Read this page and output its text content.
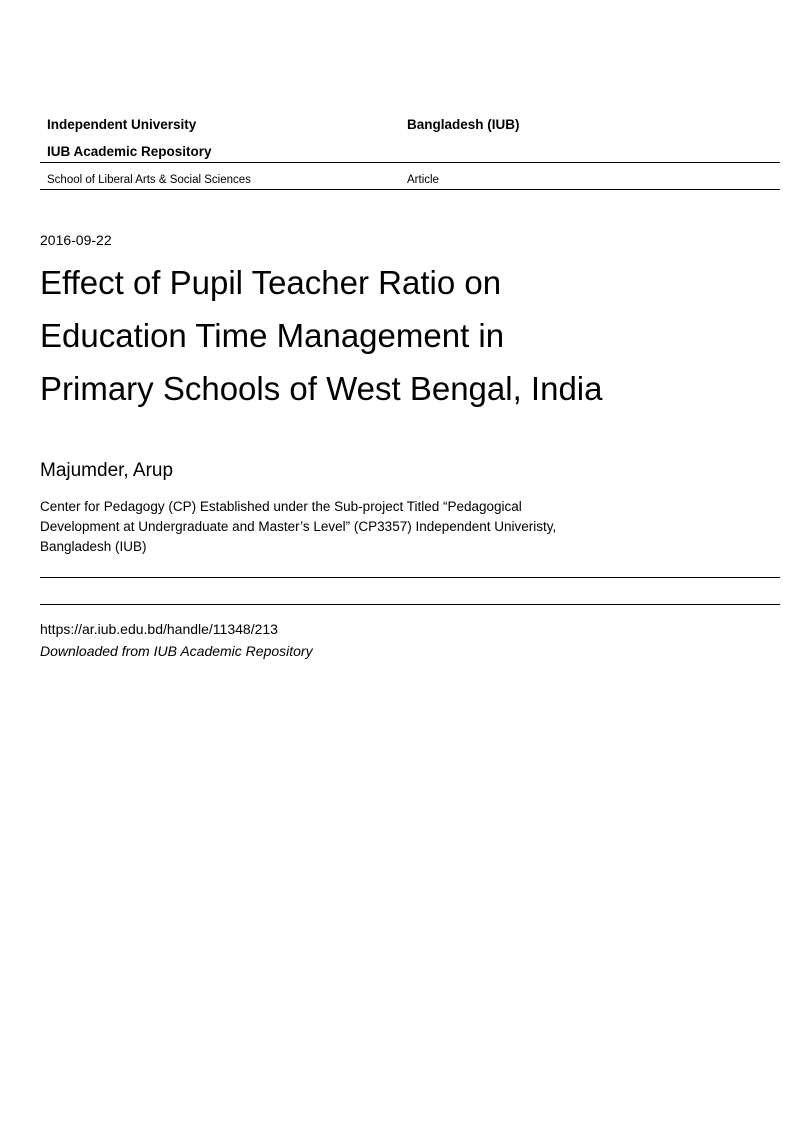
Independent University	Bangladesh (IUB)
IUB Academic Repository
School of Liberal Arts & Social Sciences	Article
2016-09-22
Effect of Pupil Teacher Ratio on
Education Time Management in
Primary Schools of West Bengal, India
Majumder, Arup
Center for Pedagogy (CP) Established under the Sub-project Titled “Pedagogical
Development at Undergraduate and Master’s Level” (CP3357) Independent Univeristy,
Bangladesh (IUB)
https://ar.iub.edu.bd/handle/11348/213
Downloaded from IUB Academic Repository
